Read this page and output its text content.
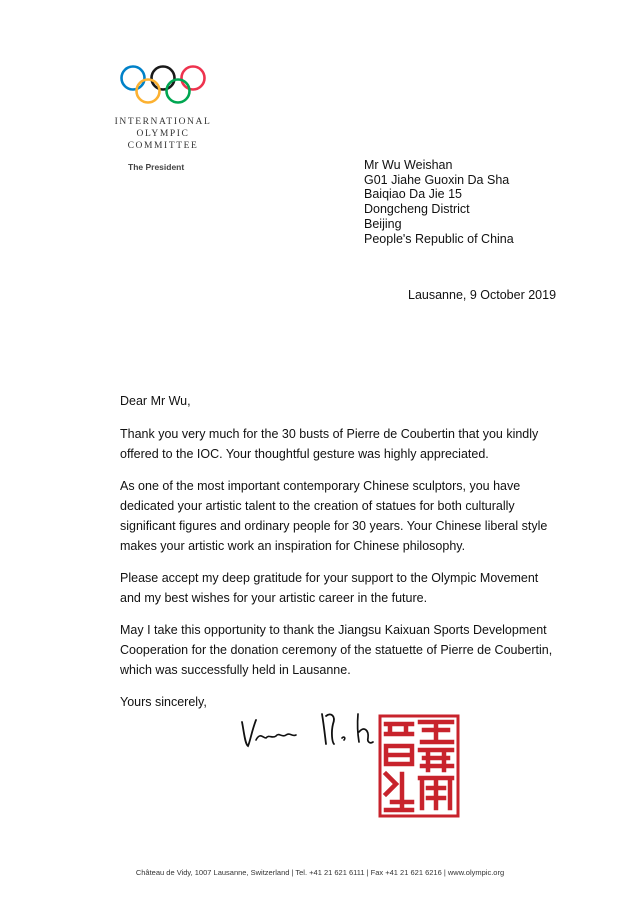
INTERNATIONAL
OLYMPIC
COMMITTEE
The President	Mr Wu Weishan
G01 Jiahe Guoxin Da Sha
Baiqiao Da Jie 15
Dongcheng District
Beijing
People's Republic of China
Lausanne, 9 October 2019

Dear Mr Wu,

Thank you very much for the 30 busts of Pierre de Coubertin that you kindly offered to the IOC. Your thoughtful gesture was highly appreciated.

As one of the most important contemporary Chinese sculptors, you have dedicated your artistic talent to the creation of statues for both culturally significant figures and ordinary people for 30 years. Your Chinese liberal style makes your artistic work an inspiration for Chinese philosophy.

Please accept my deep gratitude for your support to the Olympic Movement and my best wishes for your artistic career in the future.

May I take this opportunity to thank the Jiangsu Kaixuan Sports Development Cooperation for the donation ceremony of the statuette of Pierre de Coubertin, which was successfully held in Lausanne.

Yours sincerely,

Château de Vidy, 1007 Lausanne, Switzerland | Tel. +41 21 621 6111 | Fax +41 21 621 6216 | www.olympic.org
